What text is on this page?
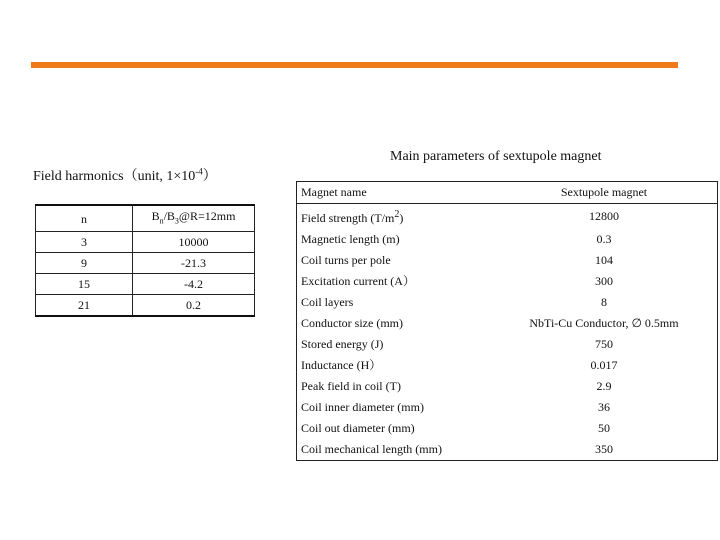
Field harmonics（unit, $1\times 10^{-4}$）
Main parameters of sextupole magnet
n	$B_n/B_3@R=12mm$
3	10000
9	-21.3
15	-4.2
21	0.2
Magnet name	Sextupole magnet
Field strength $(T/m^2)$	12800
Magnetic length (m)	0.3
Coil turns per pole	104
Excitation current (A）	300
Coil layers	8
Conductor size (mm)	NbTi-Cu Conductor, ∅ 0.5mm
Stored energy (J)	750
Inductance (H）	0.017
Peak field in coil (T)	2.9
Coil inner diameter (mm)	36
Coil out diameter (mm)	50
Coil mechanical length (mm)	350
